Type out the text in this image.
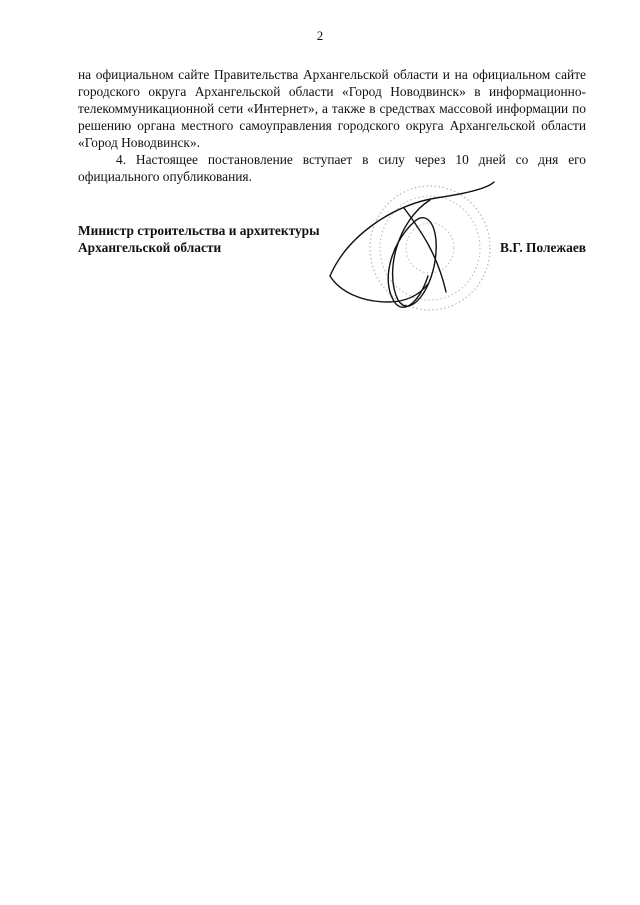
2

на официальном сайте Правительства Архангельской области и на официальном сайте городского округа Архангельской области «Город Новодвинск» в информационно-телекоммуникационной сети «Интернет», а также в средствах массовой информации по решению органа местного самоуправления городского округа Архангельской области «Город Новодвинск».

4. Настоящее постановление вступает в силу через 10 дней со дня его официального опубликования.

Министр строительства и архитектуры
Архангельской области	В.Г. Полежаев
